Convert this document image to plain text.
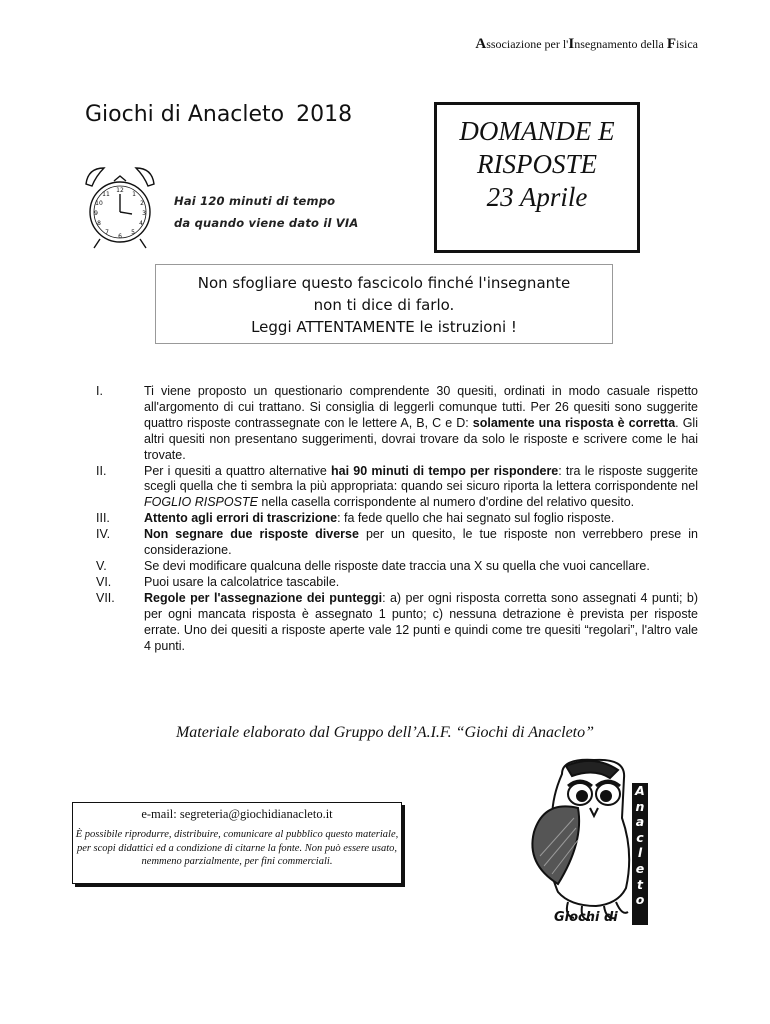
Associazione per l'Insegnamento della Fisica
Giochi di Anacleto 2018
DOMANDE E
RISPOSTE
23 Aprile
12
1
2
3
4
5
6
7
8
9
10
11	Hai 120 minuti di tempo
da quando viene dato il VIA
Non sfogliare questo fascicolo finché l'insegnante
non ti dice di farlo.
Leggi ATTENTAMENTE le istruzioni !
I.	Ti viene proposto un questionario comprendente 30 quesiti, ordinati in modo casuale rispetto all'argomento di cui trattano. Si consiglia di leggerli comunque tutti. Per 26 quesiti sono suggerite quattro risposte contrassegnate con le lettere A, B, C e D: solamente una risposta è corretta. Gli altri quesiti non presentano suggerimenti, dovrai trovare da solo le risposte e scrivere come le hai trovate.
II.	Per i quesiti a quattro alternative hai 90 minuti di tempo per rispondere: tra le risposte suggerite scegli quella che ti sembra la più appropriata: quando sei sicuro riporta la lettera corrispondente nel FOGLIO RISPOSTE nella casella corrispondente al numero d'ordine del relativo quesito.
III.	Attento agli errori di trascrizione: fa fede quello che hai segnato sul foglio risposte.
IV.	Non segnare due risposte diverse per un quesito, le tue risposte non verrebbero prese in considerazione.
V.	Se devi modificare qualcuna delle risposte date traccia una X su quella che vuoi cancellare.
VI.	Puoi usare la calcolatrice tascabile.
VII.	Regole per l'assegnazione dei punteggi: a) per ogni risposta corretta sono assegnati 4 punti; b) per ogni mancata risposta è assegnato 1 punto; c) nessuna detrazione è prevista per risposte errate. Uno dei quesiti a risposte aperte vale 12 punti e quindi come tre quesiti “regolari”, l'altro vale 4 punti.
Materiale elaborato dal Gruppo dell’A.I.F. “Giochi di Anacleto”
e-mail: segreteria@giochidianacleto.it
È possibile riprodurre, distribuire, comunicare al pubblico questo materiale, per scopi didattici ed a condizione di citarne la fonte. Non può essere usato, nemmeno parzialmente, per fini commerciali.
Giochi di
A
n
a
c
l
e
t
o
